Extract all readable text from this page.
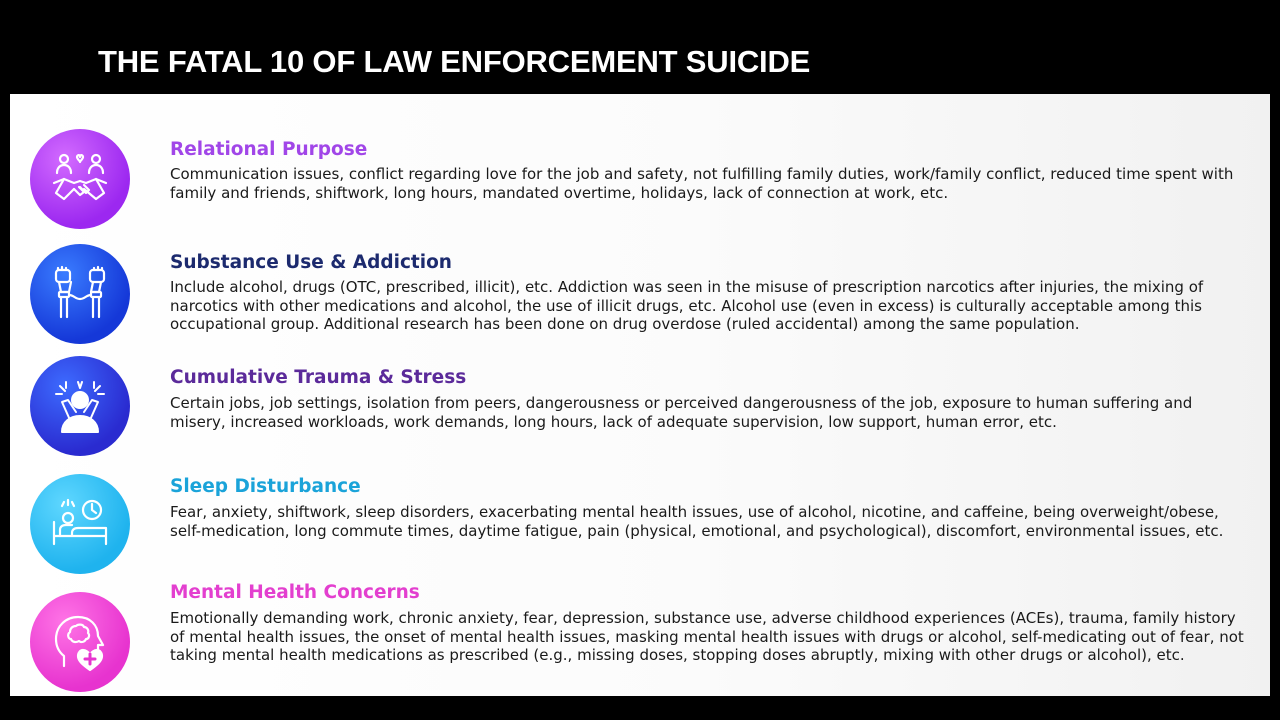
THE FATAL 10 OF LAW ENFORCEMENT SUICIDE
Relational Purpose
Communication issues, conflict regarding love for the job and safety, not fulfilling family duties, work/family conflict, reduced time spent with family and friends, shiftwork, long hours, mandated overtime, holidays, lack of connection at work, etc.
Substance Use & Addiction
Include alcohol, drugs (OTC, prescribed, illicit), etc. Addiction was seen in the misuse of prescription narcotics after injuries, the mixing of narcotics with other medications and alcohol, the use of illicit drugs, etc. Alcohol use (even in excess) is culturally acceptable among this occupational group. Additional research has been done on drug overdose (ruled accidental) among the same population.
Cumulative Trauma & Stress
Certain jobs, job settings, isolation from peers, dangerousness or perceived dangerousness of the job, exposure to human suffering and misery, increased workloads, work demands, long hours, lack of adequate supervision, low support, human error, etc.
Sleep Disturbance
Fear, anxiety, shiftwork, sleep disorders, exacerbating mental health issues, use of alcohol, nicotine, and caffeine, being overweight/obese, self-medication, long commute times, daytime fatigue, pain (physical, emotional, and psychological), discomfort, environmental issues, etc.
Mental Health Concerns
Emotionally demanding work, chronic anxiety, fear, depression, substance use, adverse childhood experiences (ACEs), trauma, family history of mental health issues, the onset of mental health issues, masking mental health issues with drugs or alcohol, self-medicating out of fear, not taking mental health medications as prescribed (e.g., missing doses, stopping doses abruptly, mixing with other drugs or alcohol), etc.
